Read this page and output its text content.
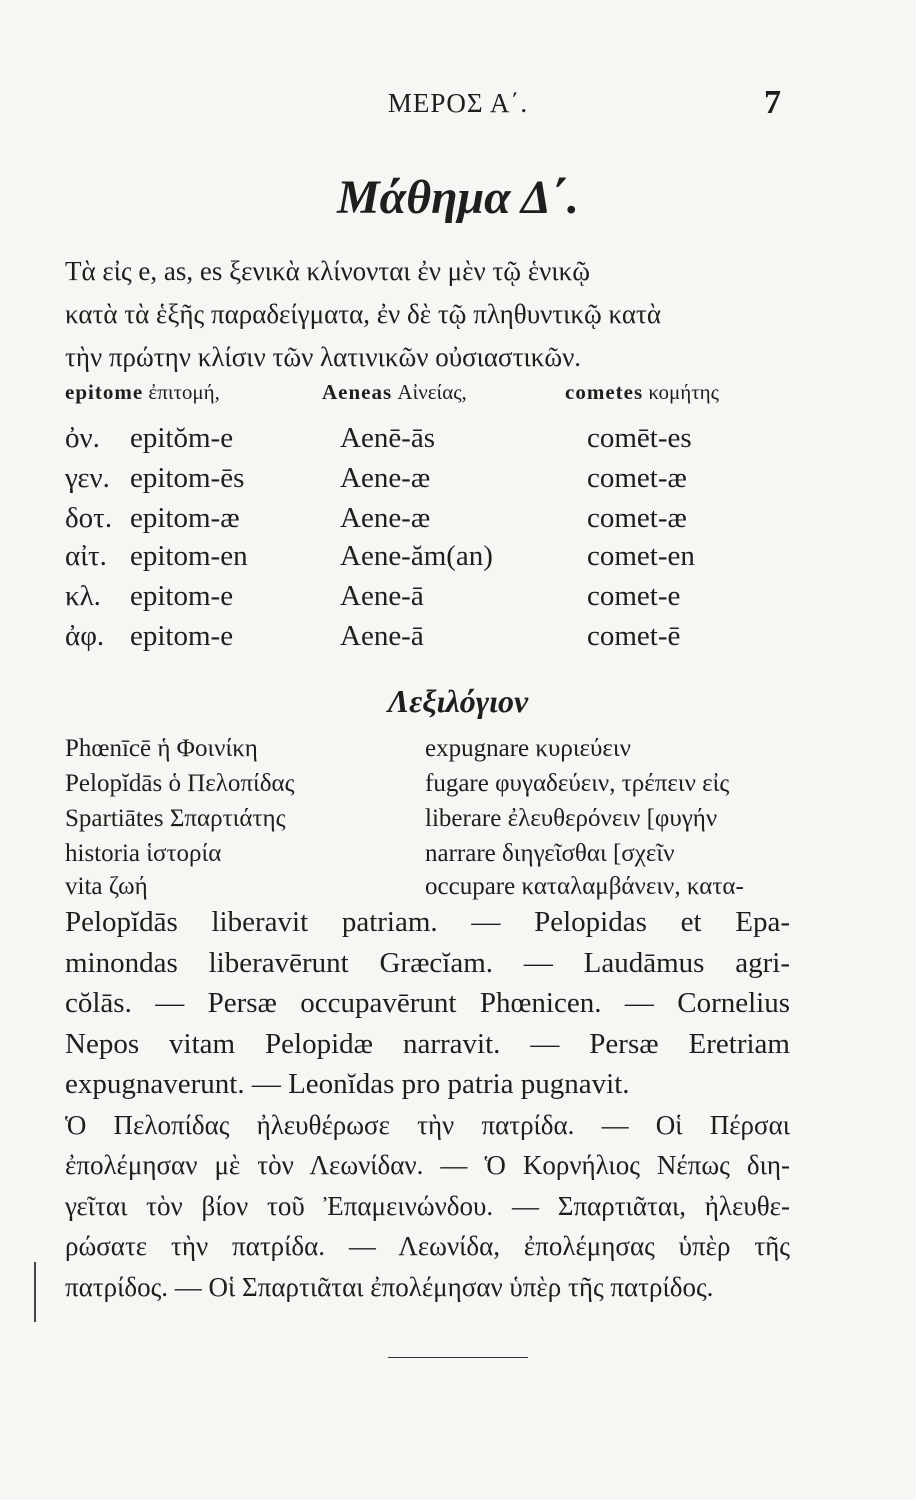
ΜΕΡΟΣ Α΄.	7
Μάθημα Δ΄.
Τὰ εἰς e, as, es ξενικὰ κλίνονται ἐν μὲν τῷ ἑνικῷ
κατὰ τὰ ἑξῆς παραδείγματα, ἐν δὲ τῷ πληθυντικῷ κατὰ
τὴν πρώτην κλίσιν τῶν λατινικῶν οὐσιαστικῶν.
epitome ἐπιτομή,	Aeneas Αἰνείας,	cometes κομήτης
ὀν. epitŏm-e	Aenē-ās	comēt-es
γεν. epitom-ēs	Aene-æ	comet-æ
δοτ. epitom-æ	Aene-æ	comet-æ
αἰτ. epitom-en	Aene-ăm(an)	comet-en
κλ. epitom-e	Aene-ā	comet-e
ἀφ. epitom-e	Aene-ā	comet-ē
Λεξιλόγιον
Phœnīcē ἡ Φοινίκη	expugnare κυριεύειν
Pelopĭdās ὁ Πελοπίδας	fugare φυγαδεύειν, τρέπειν εἰς
Spartiātes Σπαρτιάτης	liberare ἐλευθερόνειν [φυγήν
historia ἱστορία	narrare διηγεῖσθαι [σχεῖν
vita ζωή	occupare καταλαμβάνειν, κατα-
Pelopĭdās liberavit patriam. — Pelopidas et Epa-
minondas liberavērunt Græcĭam. — Laudāmus agri-
cŏlās. — Persæ occupavērunt Phœnicen. — Cornelius
Nepos vitam Pelopidæ narravit. — Persæ Eretriam
expugnaverunt. — Leonĭdas pro patria pugnavit.
Ὁ Πελοπίδας ἠλευθέρωσε τὴν πατρίδα. — Οἱ Πέρσαι
ἐπολέμησαν μὲ τὸν Λεωνίδαν. — Ὁ Κορνήλιος Νέπως διη-
γεῖται τὸν βίον τοῦ Ἐπαμεινώνδου. — Σπαρτιᾶται, ἠλευθε-
ρώσατε τὴν πατρίδα. — Λεωνίδα, ἐπολέμησας ὑπὲρ τῆς
πατρίδος. — Οἱ Σπαρτιᾶται ἐπολέμησαν ὑπὲρ τῆς πατρίδος.
